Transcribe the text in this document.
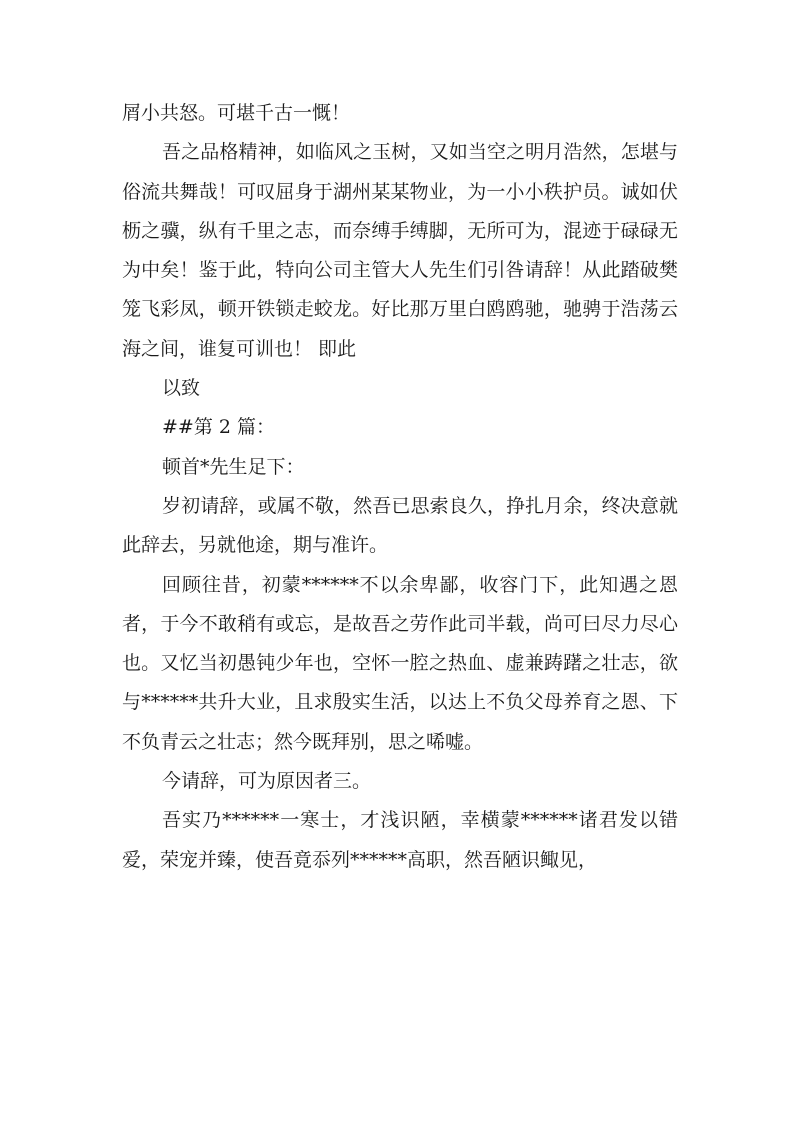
屑小共怒。可堪千古一慨！

吾之品格精神，如临风之玉树，又如当空之明月浩然，怎堪与俗流共舞哉！可叹屈身于湖州某某物业，为一小小秩护员。诚如伏枥之骥，纵有千里之志，而奈缚手缚脚，无所可为，混迹于碌碌无为中矣！鉴于此，特向公司主管大人先生们引咎请辞！从此踏破樊笼飞彩凤，顿开铁锁走蛟龙。好比那万里白鸥鸥驰，驰骋于浩荡云海之间，谁复可训也！ 即此

以致

##第 2 篇：

顿首*先生足下：

岁初请辞，或属不敬，然吾已思索良久，挣扎月余，终决意就此辞去，另就他途，期与准许。

回顾往昔，初蒙******不以余卑鄙，收容门下，此知遇之恩者，于今不敢稍有或忘，是故吾之劳作此司半载，尚可曰尽力尽心也。又忆当初愚钝少年也，空怀一腔之热血、虚兼踌躇之壮志，欲与******共升大业，且求殷实生活，以达上不负父母养育之恩、下不负青云之壮志；然今既拜别，思之唏嘘。

今请辞，可为原因者三。

吾实乃******一寒士，才浅识陋，幸横蒙******诸君发以错爱，荣宠并臻，使吾竟忝列******高职，然吾陋识鲰见，
